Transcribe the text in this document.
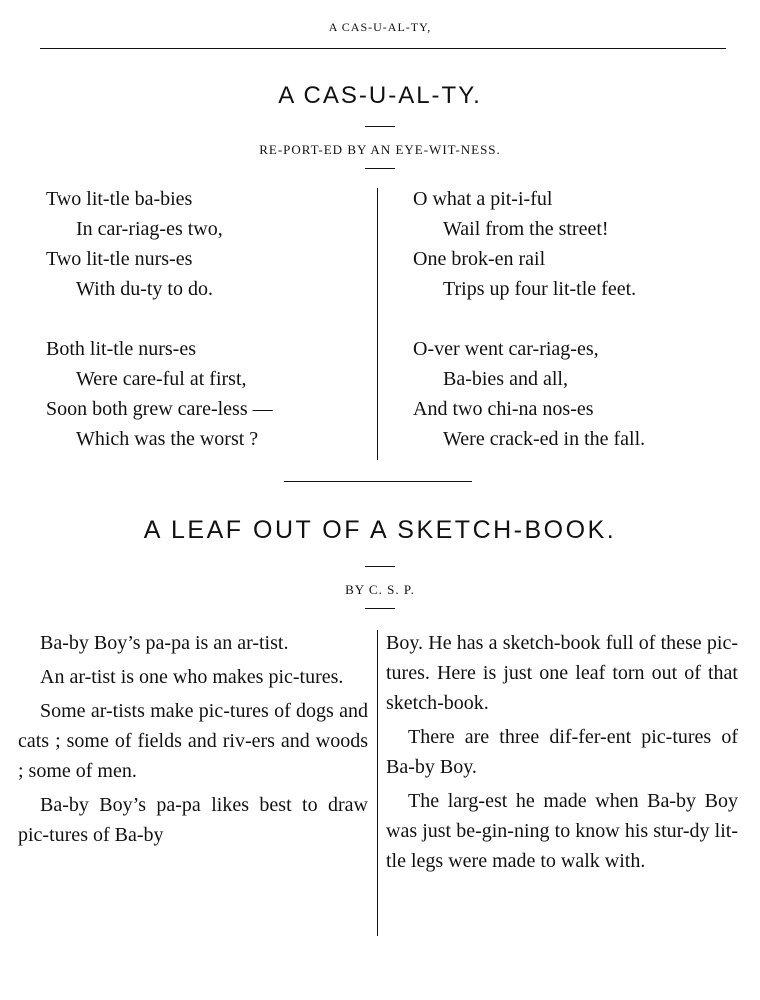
A CAS-U-AL-TY,
A CAS-U-AL-TY.
RE-PORT-ED BY AN EYE-WIT-NESS.
Two lit-tle ba-bies
In car-riag-es two,
Two lit-tle nurs-es
With du-ty to do.
Both lit-tle nurs-es
Were care-ful at first,
Soon both grew care-less —
Which was the worst ?
O what a pit-i-ful
Wail from the street!
One brok-en rail
Trips up four lit-tle feet.
O-ver went car-riag-es,
Ba-bies and all,
And two chi-na nos-es
Were crack-ed in the fall.
A LEAF OUT OF A SKETCH-BOOK.
BY C. S. P.

Ba-by Boy’s pa-pa is an ar-tist.

An ar-tist is one who makes pic-tures.

Some ar-tists make pic-tures of dogs and cats ; some of fields and riv-ers and woods ; some of men.

Ba-by Boy’s pa-pa likes best to draw pic-tures of Ba-by

Boy. He has a sketch-book full of these pic-tures. Here is just one leaf torn out of that sketch-book.

There are three dif-fer-ent pic-tures of Ba-by Boy.

The larg-est he made when Ba-by Boy was just be-gin-ning to know his stur-dy lit-tle legs were made to walk with.
